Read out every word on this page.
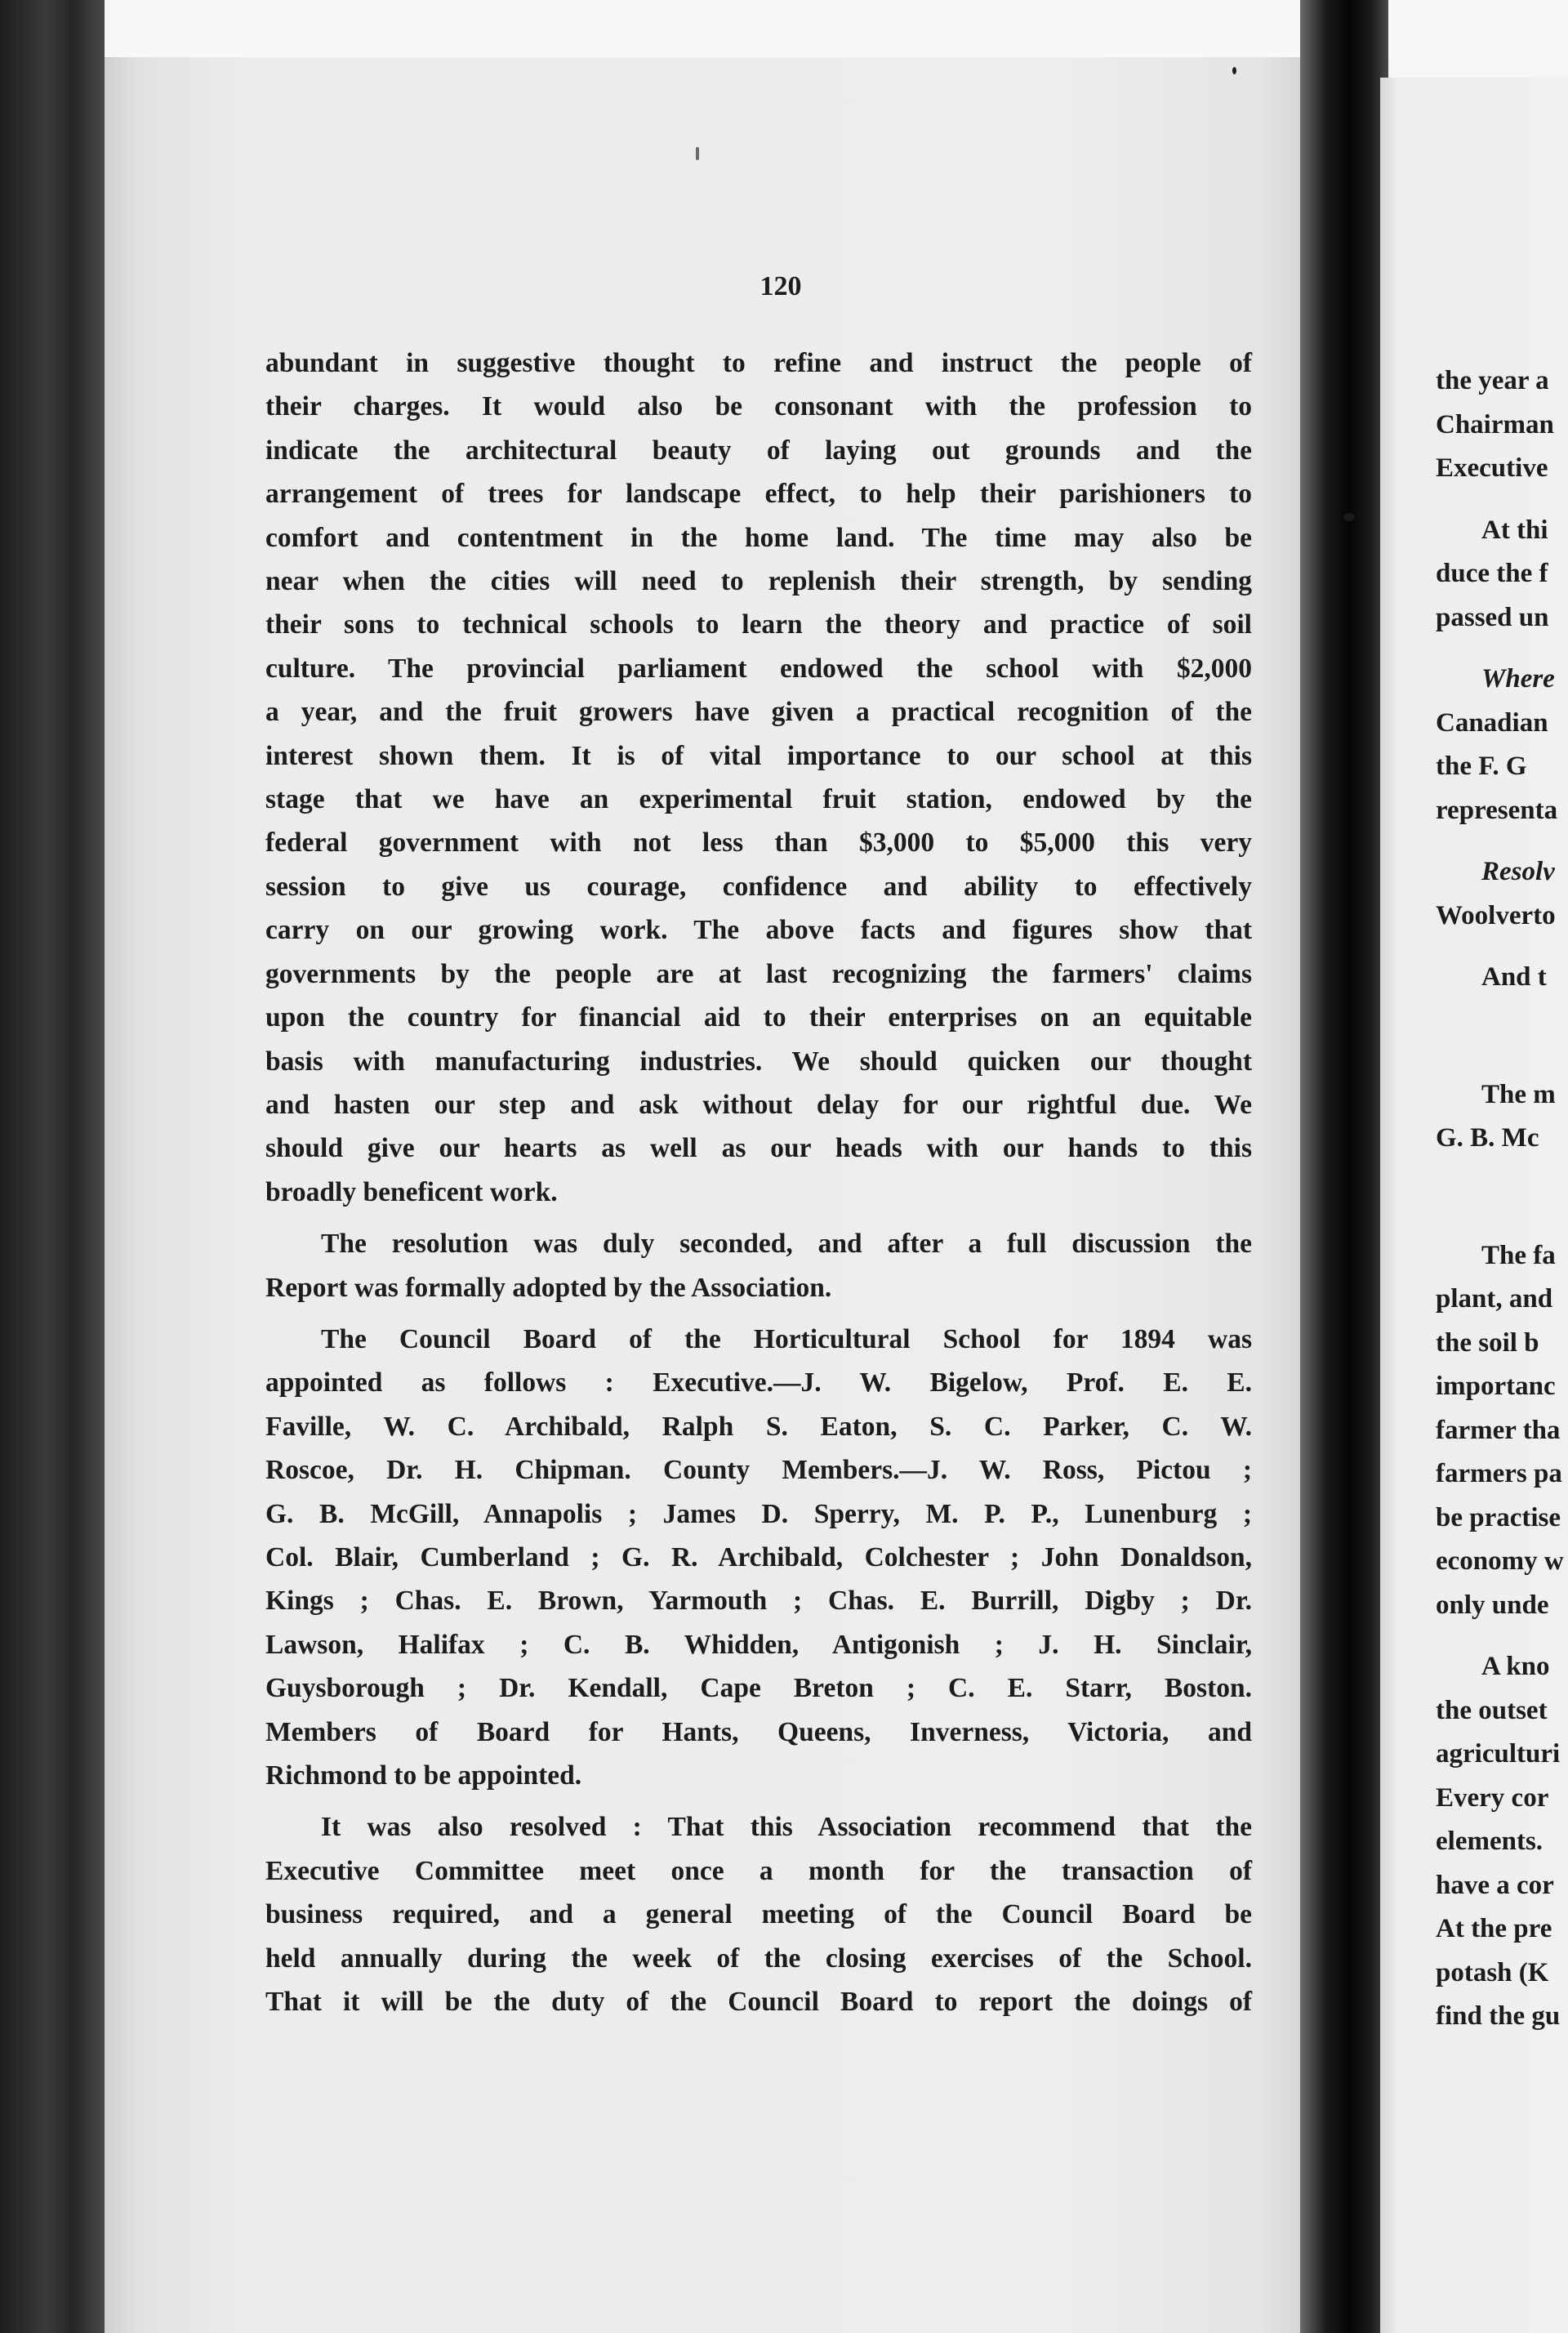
120

abundant in suggestive thought to refine and instruct the people of
their charges. It would also be consonant with the profession to
indicate the architectural beauty of laying out grounds and the
arrangement of trees for landscape effect, to help their parishioners to
comfort and contentment in the home land. The time may also be
near when the cities will need to replenish their strength, by sending
their sons to technical schools to learn the theory and practice of soil
culture. The provincial parliament endowed the school with $2,000
a year, and the fruit growers have given a practical recognition of the
interest shown them. It is of vital importance to our school at this
stage that we have an experimental fruit station, endowed by the
federal government with not less than $3,000 to $5,000 this very
session to give us courage, confidence and ability to effectively
carry on our growing work. The above facts and figures show that
governments by the people are at last recognizing the farmers' claims
upon the country for financial aid to their enterprises on an equitable
basis with manufacturing industries. We should quicken our thought
and hasten our step and ask without delay for our rightful due. We
should give our hearts as well as our heads with our hands to this
broadly beneficent work.

The resolution was duly seconded, and after a full discussion the
Report was formally adopted by the Association.

The Council Board of the Horticultural School for 1894 was
appointed as follows : Executive.—J. W. Bigelow, Prof. E. E.
Faville, W. C. Archibald, Ralph S. Eaton, S. C. Parker, C. W.
Roscoe, Dr. H. Chipman. County Members.—J. W. Ross, Pictou ;
G. B. McGill, Annapolis ; James D. Sperry, M. P. P., Lunenburg ;
Col. Blair, Cumberland ; G. R. Archibald, Colchester ; John Donaldson,
Kings ; Chas. E. Brown, Yarmouth ; Chas. E. Burrill, Digby ; Dr.
Lawson, Halifax ; C. B. Whidden, Antigonish ; J. H. Sinclair,
Guysborough ; Dr. Kendall, Cape Breton ; C. E. Starr, Boston.
Members of Board for Hants, Queens, Inverness, Victoria, and
Richmond to be appointed.

It was also resolved : That this Association recommend that the
Executive Committee meet once a month for the transaction of
business required, and a general meeting of the Council Board be
held annually during the week of the closing exercises of the School.
That it will be the duty of the Council Board to report the doings of

the year a
Chairman
Executive
At thi
duce the f
passed un
Where
Canadian
the F. G
representa
Resolv
Woolverto
And t
The m
G. B. Mc
The fa
plant, and
the soil b
importanc
farmer tha
farmers pa
be practise
economy w
only unde
A kno
the outset
agriculturi
Every cor
elements.
have a cor
At the pre
potash (K
find the gu
